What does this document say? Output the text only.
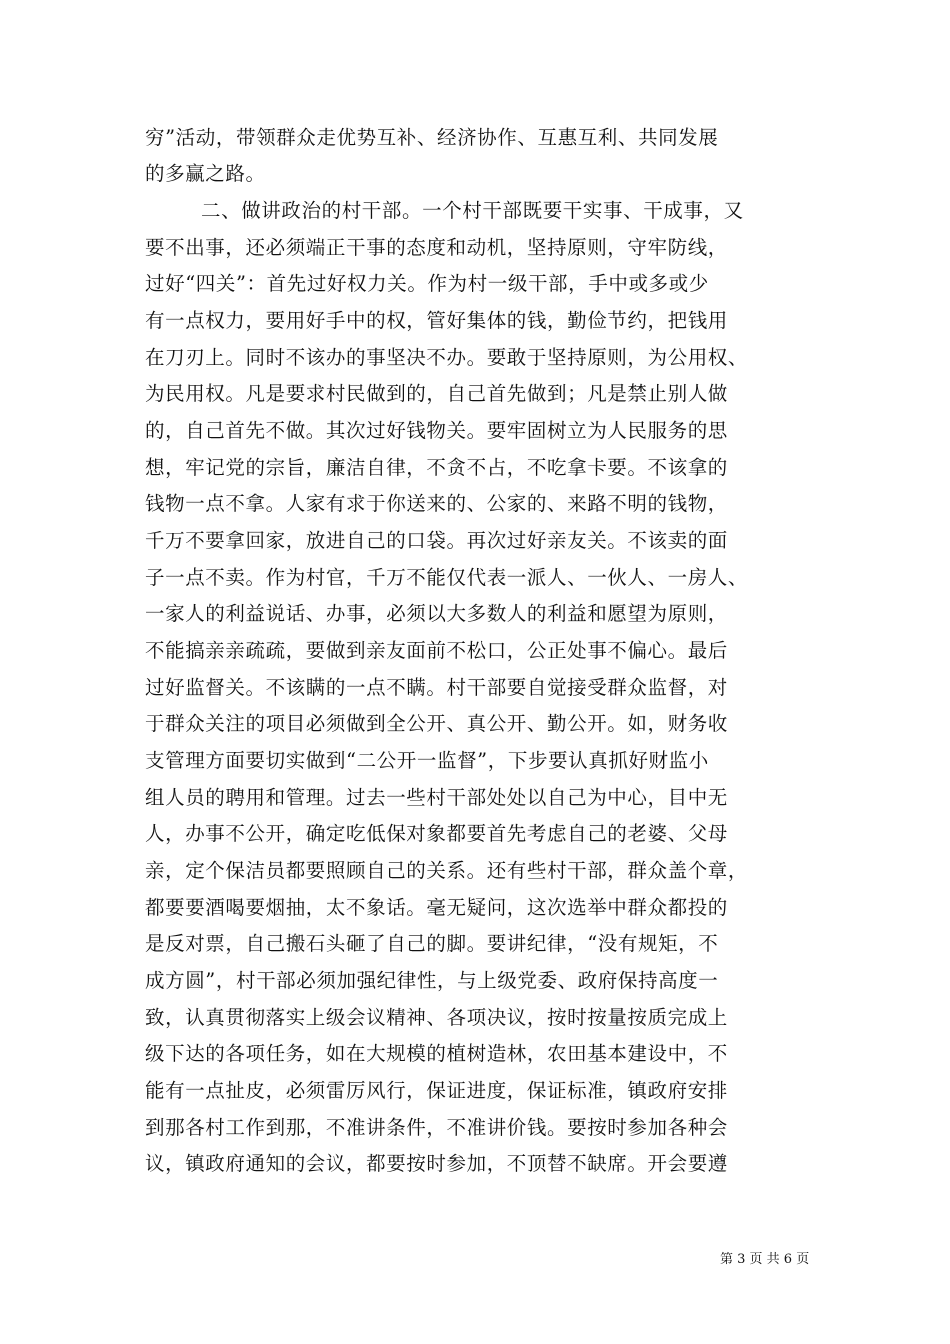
穷”活动，带领群众走优势互补、经济协作、互惠互利、共同发展
的多赢之路。
二、做讲政治的村干部。一个村干部既要干实事、干成事，又
要不出事，还必须端正干事的态度和动机，坚持原则，守牢防线，
过好“四关”：首先过好权力关。作为村一级干部，手中或多或少
有一点权力，要用好手中的权，管好集体的钱，勤俭节约，把钱用
在刀刃上。同时不该办的事坚决不办。要敢于坚持原则，为公用权、
为民用权。凡是要求村民做到的，自己首先做到；凡是禁止别人做
的，自己首先不做。其次过好钱物关。要牢固树立为人民服务的思
想，牢记党的宗旨，廉洁自律，不贪不占，不吃拿卡要。不该拿的
钱物一点不拿。人家有求于你送来的、公家的、来路不明的钱物，
千万不要拿回家，放进自己的口袋。再次过好亲友关。不该卖的面
子一点不卖。作为村官，千万不能仅代表一派人、一伙人、一房人、
一家人的利益说话、办事，必须以大多数人的利益和愿望为原则，
不能搞亲亲疏疏，要做到亲友面前不松口，公正处事不偏心。最后
过好监督关。不该瞒的一点不瞒。村干部要自觉接受群众监督，对
于群众关注的项目必须做到全公开、真公开、勤公开。如，财务收
支管理方面要切实做到“二公开一监督”，下步要认真抓好财监小
组人员的聘用和管理。过去一些村干部处处以自己为中心，目中无
人，办事不公开，确定吃低保对象都要首先考虑自己的老婆、父母
亲，定个保洁员都要照顾自己的关系。还有些村干部，群众盖个章，
都要要酒喝要烟抽，太不象话。毫无疑问，这次选举中群众都投的
是反对票，自己搬石头砸了自己的脚。要讲纪律，“没有规矩，不
成方圆”，村干部必须加强纪律性，与上级党委、政府保持高度一
致，认真贯彻落实上级会议精神、各项决议，按时按量按质完成上
级下达的各项任务，如在大规模的植树造林，农田基本建设中，不
能有一点扯皮，必须雷厉风行，保证进度，保证标准，镇政府安排
到那各村工作到那，不准讲条件，不准讲价钱。要按时参加各种会
议，镇政府通知的会议，都要按时参加，不顶替不缺席。开会要遵
第 3 页 共 6 页
